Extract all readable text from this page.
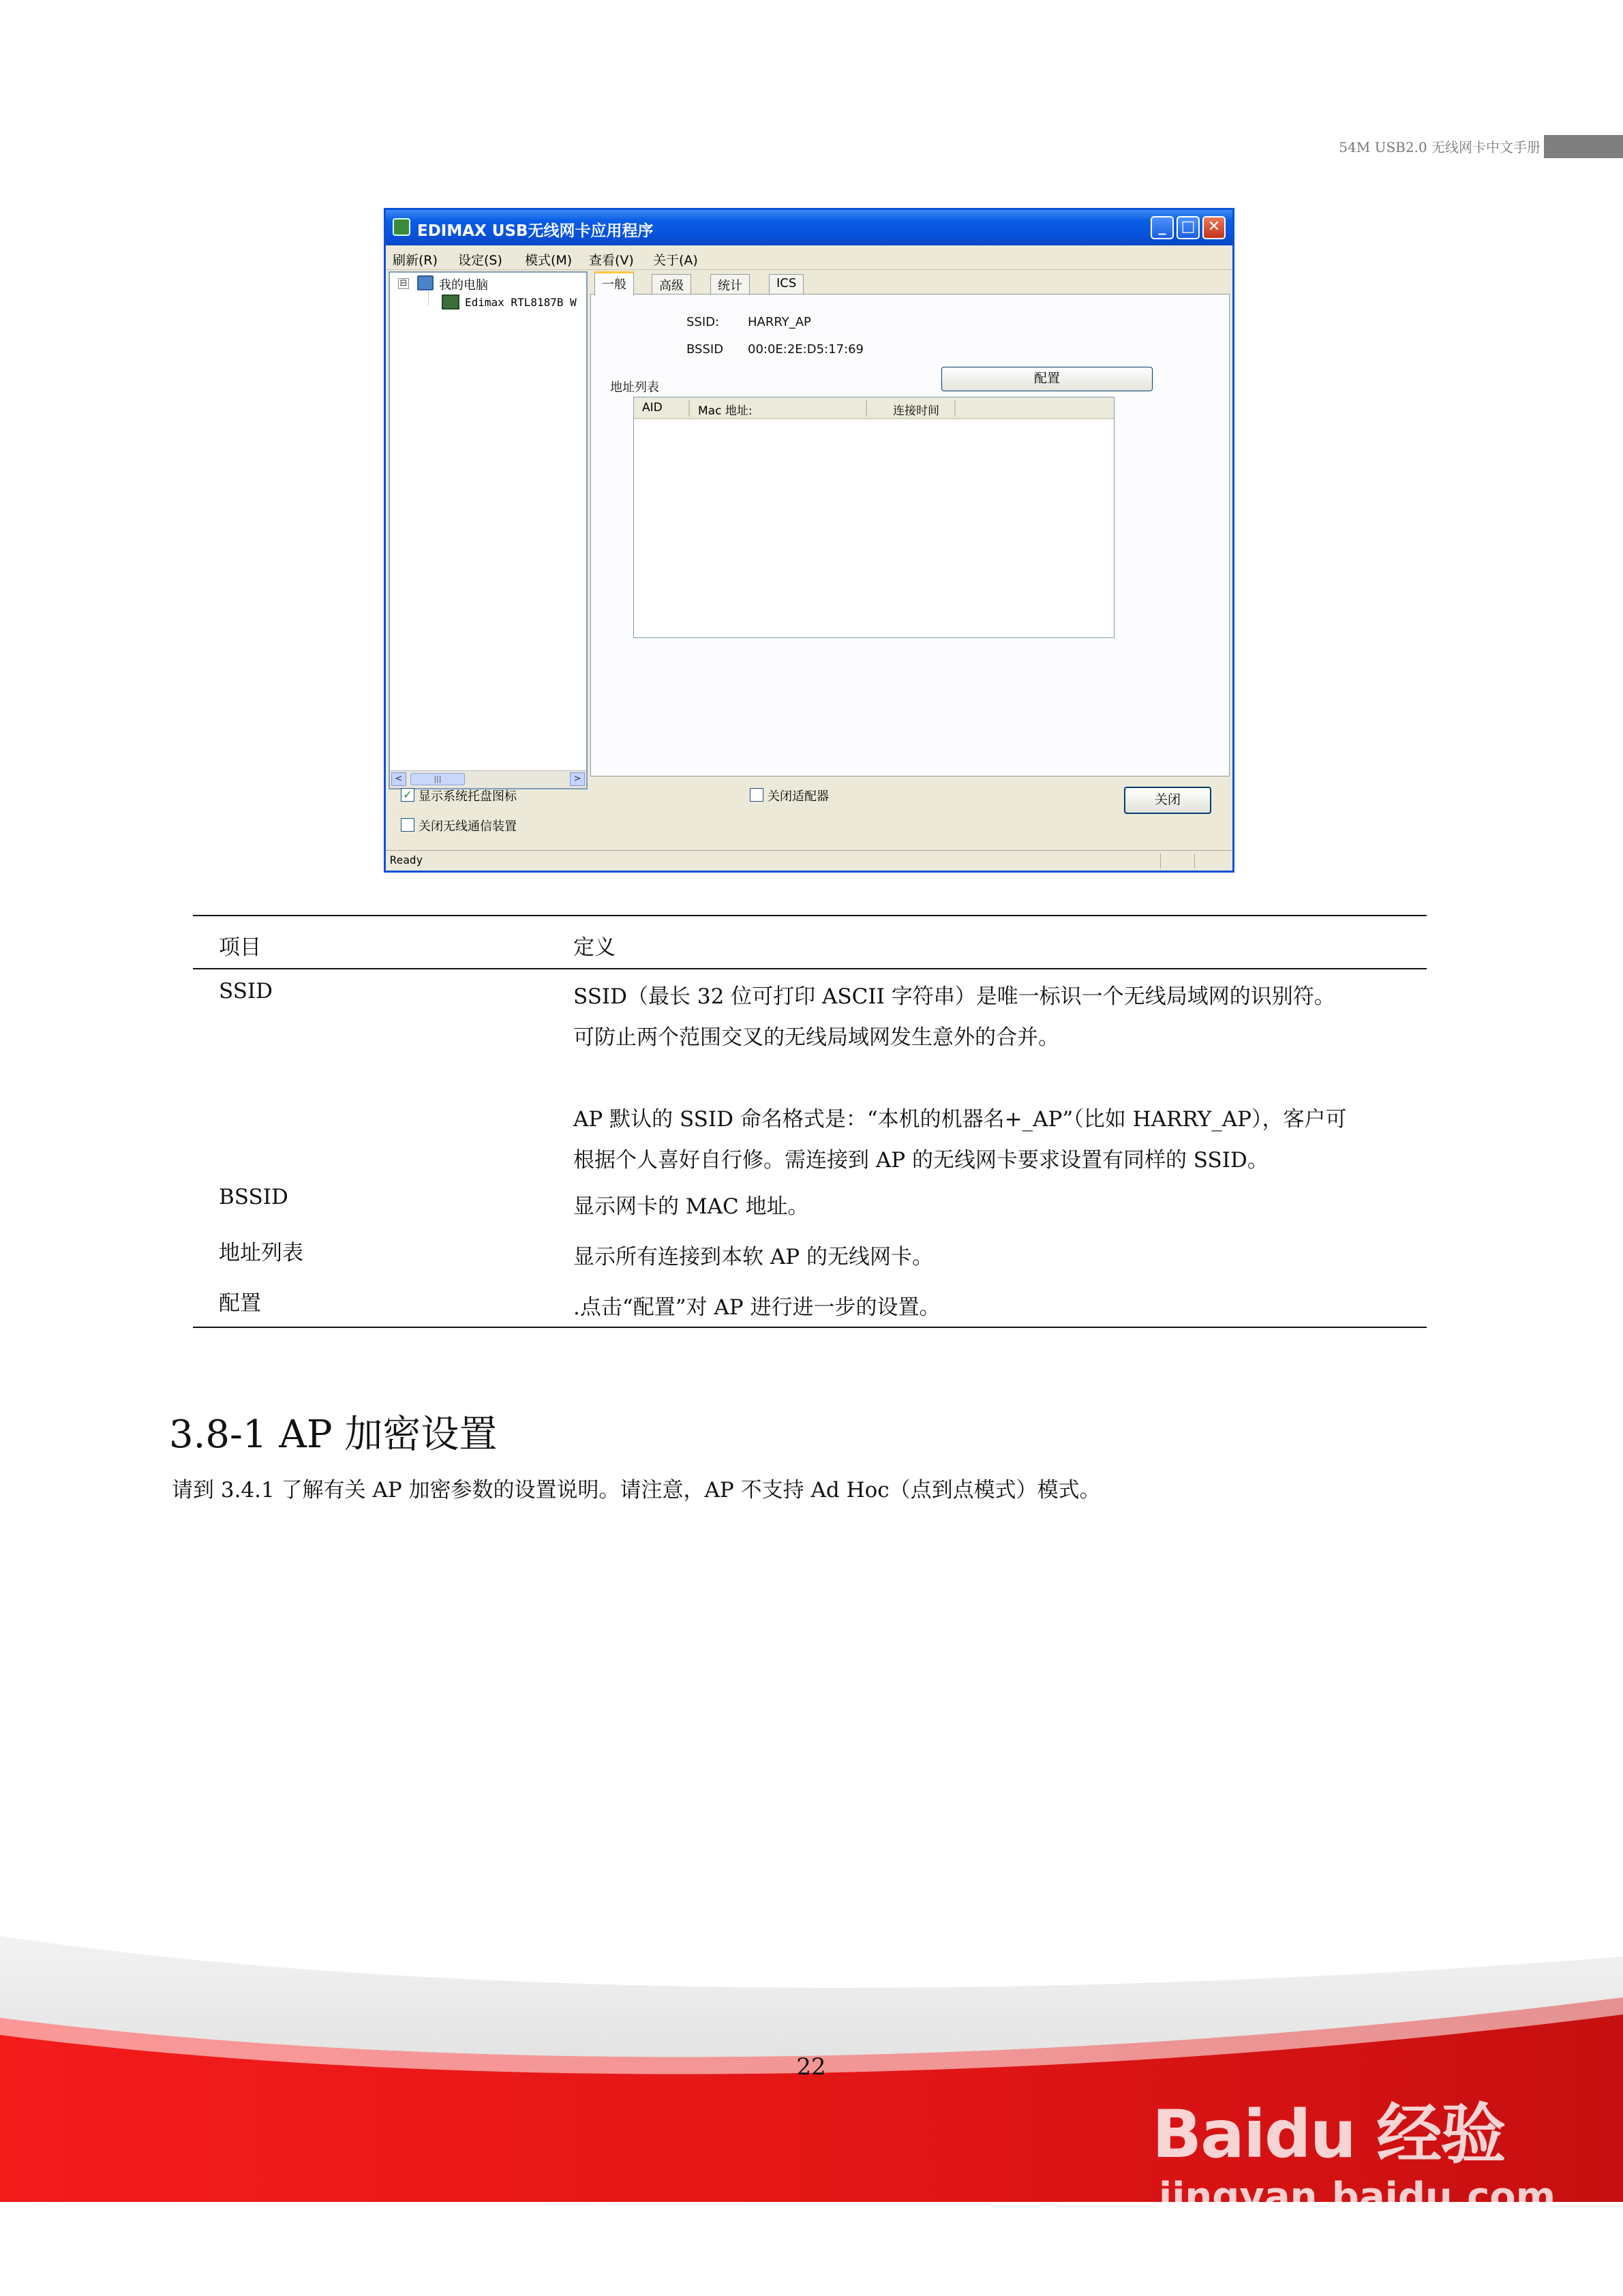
54M USB2.0 无线网卡中文手册
EDIMAX USB无线网卡应用程序	_	□ ✕
刷新(R) 设定(S) 模式(M) 查看(V) 关于(A)
⊟	我的电脑
Edimax RTL8187B W
<	|||	>
一般	高级	统计	ICS
SSID: HARRY_AP
BSSID 00:0E:2E:D5:17:69
地址列表
配置
AID	Mac 地址:	连接时间
✓ 显示系统托盘图标
关闭无线通信装置
关闭适配器	关闭
Ready
项目	定义
SSID	SSID（最长 32 位可打印 ASCII 字符串）是唯一标识一个无线局域网的识别符。
可防止两个范围交叉的无线局域网发生意外的合并。
AP 默认的 SSID 命名格式是：“本机的机器名+_AP”（比如 HARRY_AP），客户可
根据个人喜好自行修。需连接到 AP 的无线网卡要求设置有同样的 SSID。
BSSID	显示网卡的 MAC 地址。
地址列表	显示所有连接到本软 AP 的无线网卡。
配置	.点击“配置”对 AP 进行进一步的设置。
3.8-1 AP 加密设置
请到 3.4.1 了解有关 AP 加密参数的设置说明。请注意，AP 不支持 Ad Hoc（点到点模式）模式。
22
Baidu 经验
jingyan.baidu.com
